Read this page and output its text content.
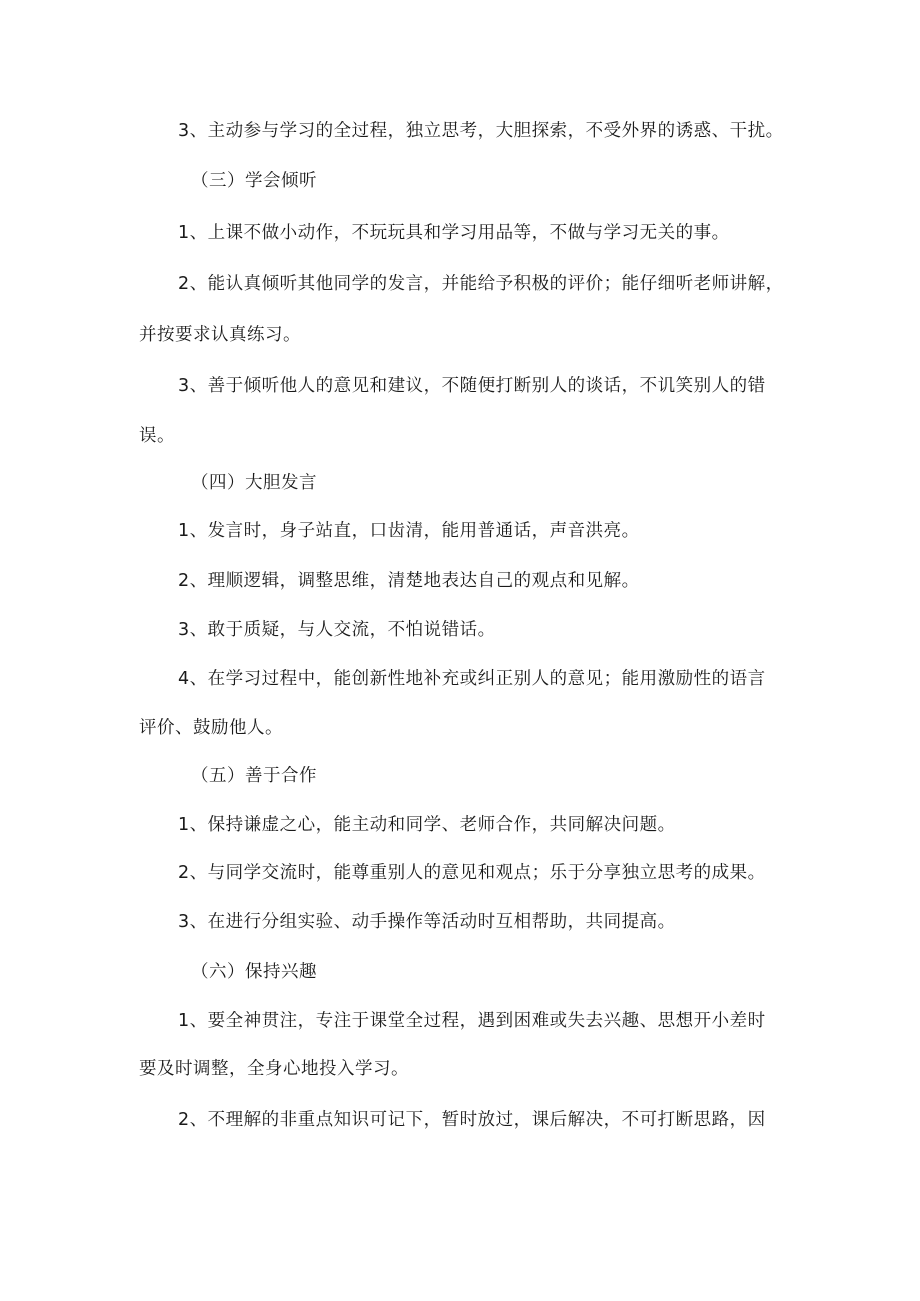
3、主动参与学习的全过程，独立思考，大胆探索，不受外界的诱惑、干扰。
（三）学会倾听
1、上课不做小动作，不玩玩具和学习用品等，不做与学习无关的事。
2、能认真倾听其他同学的发言，并能给予积极的评价；能仔细听老师讲解，
并按要求认真练习。
3、善于倾听他人的意见和建议，不随便打断别人的谈话，不讥笑别人的错
误。
（四）大胆发言
1、发言时，身子站直，口齿清，能用普通话，声音洪亮。
2、理顺逻辑，调整思维，清楚地表达自己的观点和见解。
3、敢于质疑，与人交流，不怕说错话。
4、在学习过程中，能创新性地补充或纠正别人的意见；能用激励性的语言
评价、鼓励他人。
（五）善于合作
1、保持谦虚之心，能主动和同学、老师合作，共同解决问题。
2、与同学交流时，能尊重别人的意见和观点；乐于分享独立思考的成果。
3、在进行分组实验、动手操作等活动时互相帮助，共同提高。
（六）保持兴趣
1、要全神贯注，专注于课堂全过程，遇到困难或失去兴趣、思想开小差时
要及时调整，全身心地投入学习。
2、不理解的非重点知识可记下，暂时放过，课后解决，不可打断思路，因
